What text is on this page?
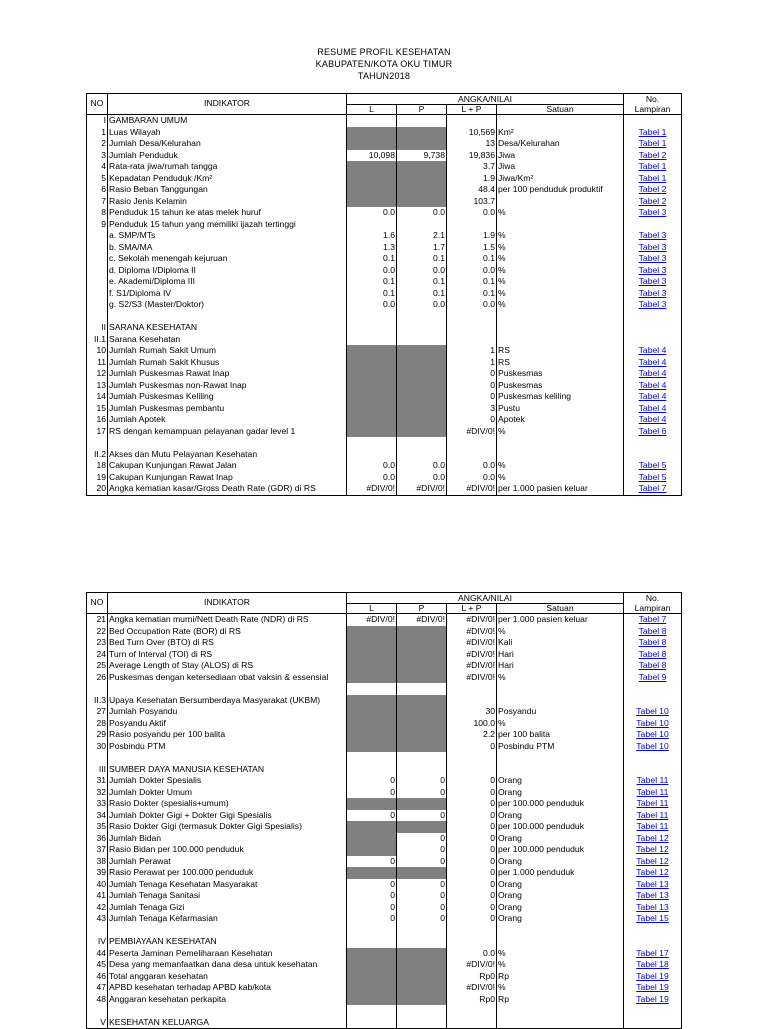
RESUME PROFIL KESEHATAN
KABUPATEN/KOTA OKU TIMUR
TAHUN2018
NO	INDIKATOR	ANGKA/NILAI				No.
Lampiran

		L	P	L + P	Satuan	
I	GAMBARAN UMUM					
1	Luas Wilayah			10,569	Km²	Tabel 1

2	Jumlah Desa/Kelurahan			13	Desa/Kelurahan	Tabel 1

3	Jumlah Penduduk	10,098	9,738	19,836	Jiwa	Tabel 2

4	Rata-rata jiwa/rumah tangga			3.7	Jiwa	Tabel 1

5	Kepadatan Penduduk /Km²			1.9	Jiwa/Km²	Tabel 1

6	Rasio Beban Tanggungan			48.4	per 100 penduduk produktif	Tabel 2

7	Rasio Jenis Kelamin			103.7		Tabel 2

8	Penduduk 15 tahun ke atas melek huruf	0.0	0.0	0.0	%	Tabel 3

9	Penduduk 15 tahun yang memiliki ijazah tertinggi					
	a. SMP/MTs	1.6	2.1	1.9	%	Tabel 3

	b. SMA/MA	1.3	1.7	1.5	%	Tabel 3

	c. Sekolah menengah kejuruan	0.1	0.1	0.1	%	Tabel 3

	d. Diploma I/Diploma II	0.0	0.0	0.0	%	Tabel 3

	e. Akademi/Diploma III	0.1	0.1	0.1	%	Tabel 3

	f. S1/Diploma IV	0.1	0.1	0.1	%	Tabel 3

	g. S2/S3 (Master/Doktor)	0.0	0.0	0.0	%	Tabel 3

II	SARANA KESEHATAN					
II.1	Sarana Kesehatan					
10	Jumlah Rumah Sakit Umum			1	RS	Tabel 4

11	Jumlah Rumah Sakit Khusus			1	RS	Tabel 4

12	Jumlah Puskesmas Rawat Inap			0	Puskesmas	Tabel 4

13	Jumlah Puskesmas non-Rawat Inap			0	Puskesmas	Tabel 4

14	Jumlah Puskesmas Keliling			0	Puskesmas keliling	Tabel 4

15	Jumlah Puskesmas pembantu			3	Pustu	Tabel 4

16	Jumlah Apotek			0	Apotek	Tabel 4

17	RS dengan kemampuan pelayanan gadar level 1			#DIV/0!	%	Tabel 6

II.2	Akses dan Mutu Pelayanan Kesehatan					
18	Cakupan Kunjungan Rawat Jalan	0.0	0.0	0.0	%	Tabel 5

19	Cakupan Kunjungan Rawat Inap	0.0	0.0	0.0	%	Tabel 5

20	Angka kematian kasar/Gross Death Rate (GDR) di RS	#DIV/0!	#DIV/0!	#DIV/0!	per 1.000 pasien keluar	Tabel 7
NO	INDIKATOR	ANGKA/NILAI				No.
Lampiran

		L	P	L + P	Satuan	
21	Angka kematian murni/Nett Death Rate (NDR) di RS	#DIV/0!	#DIV/0!	#DIV/0!	per 1.000 pasien keluar	Tabel 7

22	Bed Occupation Rate (BOR) di RS			#DIV/0!	%	Tabel 8

23	Bed Turn Over (BTO) di RS			#DIV/0!	Kali	Tabel 8

24	Turn of Interval (TOI) di RS			#DIV/0!	Hari	Tabel 8

25	Average Length of Stay (ALOS) di RS			#DIV/0!	Hari	Tabel 8

26	Puskesmas dengan ketersediaan obat vaksin & essensial			#DIV/0!	%	Tabel 9

II.3	Upaya Kesehatan Bersumberdaya Masyarakat (UKBM)					
27	Jumlah Posyandu			30	Posyandu	Tabel 10

28	Posyandu Aktif			100.0	%	Tabel 10

29	Rasio posyandu per 100 balita			2.2	per 100 balita	Tabel 10

30	Posbindu PTM			0	Posbindu PTM	Tabel 10

III	SUMBER DAYA MANUSIA KESEHATAN					
31	Jumlah Dokter Spesialis	0	0	0	Orang	Tabel 11

32	Jumlah Dokter Umum	0	0	0	Orang	Tabel 11

33	Rasio Dokter (spesialis+umum)			0	per 100.000 penduduk	Tabel 11

34	Jumlah Dokter Gigi + Dokter Gigi Spesialis	0	0	0	Orang	Tabel 11

35	Rasio Dokter Gigi (termasuk Dokter Gigi Spesialis)			0	per 100.000 penduduk	Tabel 11

36	Jumlah Bidan		0	0	Orang	Tabel 12

37	Rasio Bidan per 100.000 penduduk		0	0	per 100.000 penduduk	Tabel 12

38	Jumlah Perawat	0	0	0	Orang	Tabel 12

39	Rasio Perawat per 100.000 penduduk			0	per 1.000 penduduk	Tabel 12

40	Jumlah Tenaga Kesehatan Masyarakat	0	0	0	Orang	Tabel 13

41	Jumlah Tenaga Sanitasi	0	0	0	Orang	Tabel 13

42	Jumlah Tenaga Gizi	0	0	0	Orang	Tabel 13

43	Jumlah Tenaga Kefarmasian	0	0	0	Orang	Tabel 15

IV	PEMBIAYAAN KESEHATAN					
44	Peserta Jaminan Pemeliharaan Kesehatan			0.0	%	Tabel 17

45	Desa yang memanfaatkan dana desa untuk kesehatan			#DIV/0!	%	Tabel 18

46	Total anggaran kesehatan			Rp0	Rp	Tabel 19

47	APBD kesehatan terhadap APBD kab/kota			#DIV/0!	%	Tabel 19

48	Anggaran kesehatan perkapita			Rp0	Rp	Tabel 19

V	KESEHATAN KELUARGA					
